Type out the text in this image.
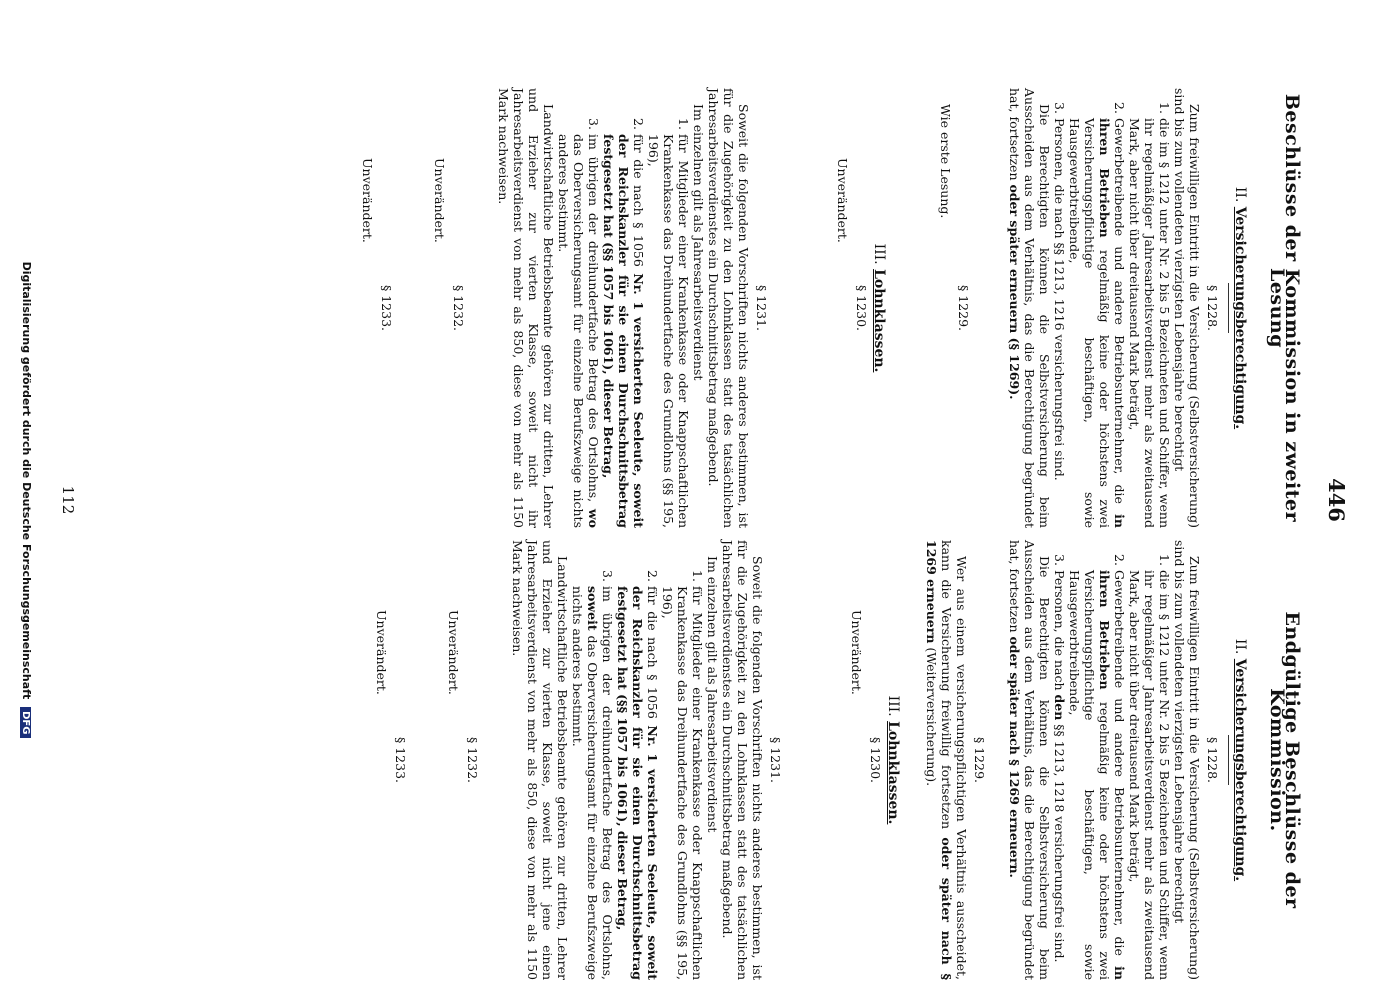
446
Beschlüsse der Kommission in zweiter Lesung
II. Versicherungsberechtigung.
§ 1228.

Zum freiwilligen Eintritt in die Versicherung (Selbstversicherung) sind bis zum vollendeten vierzigsten Lebensjahre berechtigt

1.die im § 1212 unter Nr. 2 bis 5 Bezeichneten und Schiffer, wenn ihr regelmäßiger Jahresarbeitsverdienst mehr als zweitausend Mark, aber nicht über dreitausend Mark beträgt,
2.Gewerbetreibende und andere Betriebsunternehmer, die in ihren Betrieben regelmäßig keine oder höchstens zwei Versicherungspflichtige beschäftigen, sowie Hausgewerbtreibende,
3.Personen, die nach §§ 1213, 1216 versicherungsfrei sind.

Die Berechtigten können die Selbstversicherung beim Ausscheiden aus dem Verhältnis, das die Berechtigung begründet hat, fortsetzen oder später erneuern (§ 1269).

§ 1229.

Wie erste Lesung.

III. Lohnklassen.
§ 1230.
Unverändert.
§ 1231.

Soweit die folgenden Vorschriften nichts anderes bestimmen, ist für die Zugehörigkeit zu den Lohnklassen statt des tatsächlichen Jahresarbeitsverdienstes ein Durchschnittsbetrag maßgebend.

Im einzelnen gilt als Jahresarbeitsverdienst

1.für Mitglieder einer Krankenkasse oder Knappschaftlichen Krankenkasse das Dreihundertfache des Grundlohns (§§ 195, 196),
2.für die nach § 1056 Nr. 1 versicherten Seeleute, soweit der Reichskanzler für sie einen Durchschnittsbetrag festgesetzt hat (§§ 1057 bis 1061), dieser Betrag,
3.im übrigen der dreihundertfache Betrag des Ortslohns, wo das Oberversicherungsamt für einzelne Berufszweige nichts anderes bestimmt.

Landwirtschaftliche Betriebsbeamte gehören zur dritten, Lehrer und Erzieher zur vierten Klasse, soweit nicht ihr Jahresarbeitsverdienst von mehr als 850, diese von mehr als 1150 Mark nachweisen.

§ 1232.
Unverändert.
§ 1233.
Unverändert.
Endgültige Beschlüsse der Kommission.
II. Versicherungsberechtigung.
§ 1228.

Zum freiwilligen Eintritt in die Versicherung (Selbstversicherung) sind bis zum vollendeten vierzigsten Lebensjahre berechtigt

1.die im § 1212 unter Nr. 2 bis 5 Bezeichneten und Schiffer, wenn ihr regelmäßiger Jahresarbeitsverdienst mehr als zweitausend Mark, aber nicht über dreitausend Mark beträgt,
2.Gewerbetreibende und andere Betriebsunternehmer, die in ihren Betrieben regelmäßig keine oder höchstens zwei Versicherungspflichtige beschäftigen, sowie Hausgewerbtreibende,
3.Personen, die nach den §§ 1213, 1218 versicherungsfrei sind.

Die Berechtigten können die Selbstversicherung beim Ausscheiden aus dem Verhältnis, das die Berechtigung begründet hat, fortsetzen oder später nach § 1269 erneuern.

§ 1229.

Wer aus einem versicherungspflichtigen Verhältnis ausscheidet, kann die Versicherung freiwillig fortsetzen oder später nach § 1269 erneuern (Weiterversicherung).

III. Lohnklassen.
§ 1230.
Unverändert.
§ 1231.

Soweit die folgenden Vorschriften nichts anderes bestimmen, ist für die Zugehörigkeit zu den Lohnklassen statt des tatsächlichen Jahresarbeitsverdienstes ein Durchschnittsbetrag maßgebend.

Im einzelnen gilt als Jahresarbeitsverdienst

1.für Mitglieder einer Krankenkasse oder Knappschaftlichen Krankenkasse das Dreihundertfache des Grundlohns (§§ 195, 196),
2.für die nach § 1056 Nr. 1 versicherten Seeleute, soweit der Reichskanzler für sie einen Durchschnittsbetrag festgesetzt hat (§§ 1057 bis 1061), dieser Betrag,
3.im übrigen der dreihundertfache Betrag des Ortslohns, soweit das Oberversicherungsamt für einzelne Berufszweige nichts anderes bestimmt.

Landwirtschaftliche Betriebsbeamte gehören zur dritten, Lehrer und Erzieher zur vierten Klasse, soweit nicht jene einen Jahresarbeitsverdienst von mehr als 850, diese von mehr als 1150 Mark nachweisen.

§ 1232.
Unverändert.
§ 1233.
Unverändert.
112
Digitalisierung gefördert durch die Deutsche Forschungsgemeinschaft DFG
